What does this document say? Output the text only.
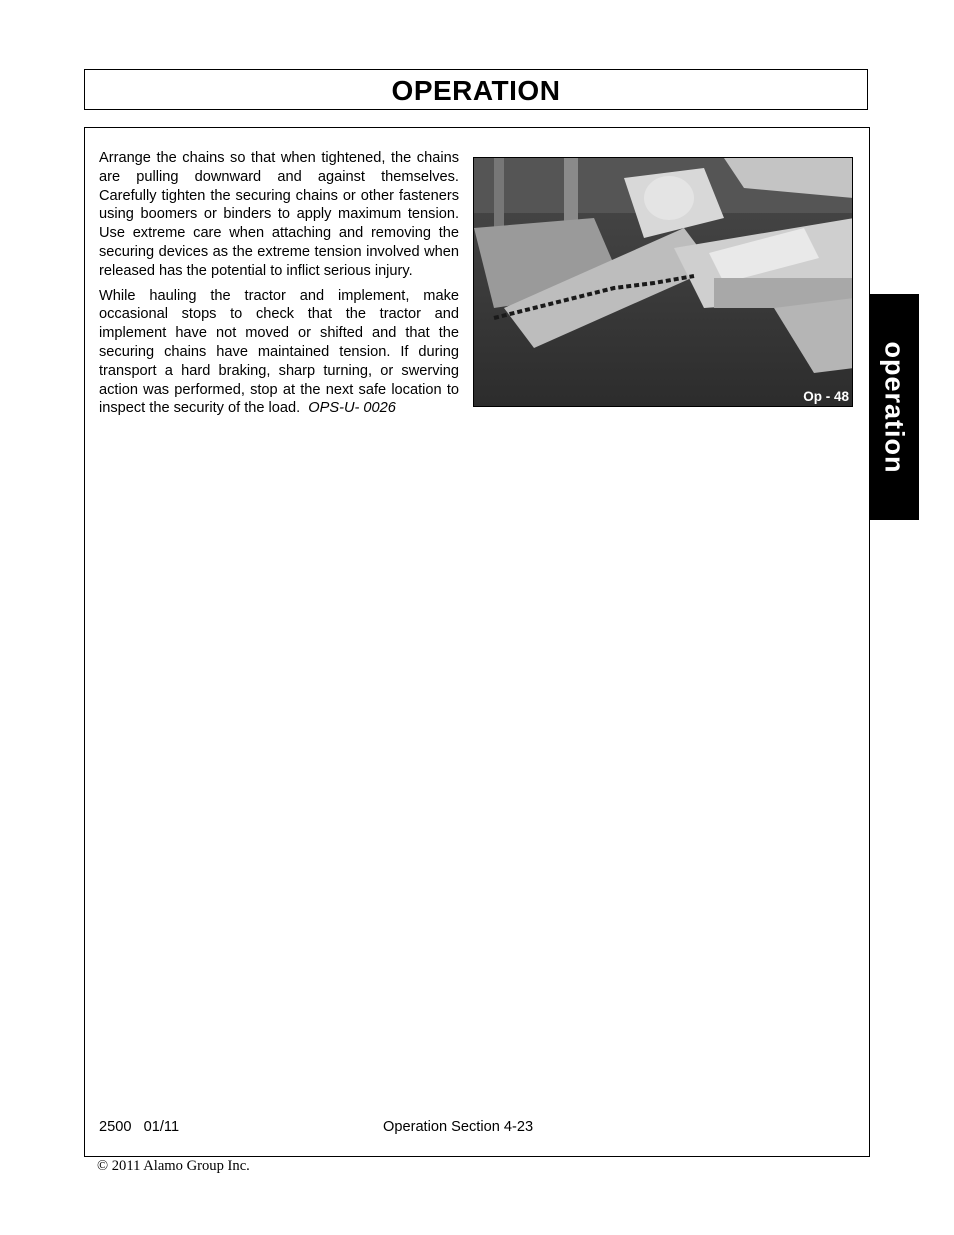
OPERATION

Arrange the chains so that when tightened, the chains are pulling downward and against themselves. Carefully tighten the securing chains or other fasteners using boomers or binders to apply maximum tension. Use extreme care when attaching and removing the securing devices as the extreme tension involved when released has the potential to inflict serious injury.

While hauling the tractor and implement, make occasional stops to check that the tractor and implement have not moved or shifted and that the securing chains have maintained tension. If during transport a hard braking, sharp turning, or swerving action was performed, stop at the next safe location to inspect the security of the load. OPS-U- 0026

Op - 48 operation
2500   01/11	Operation Section 4-23
© 2011 Alamo Group Inc.
